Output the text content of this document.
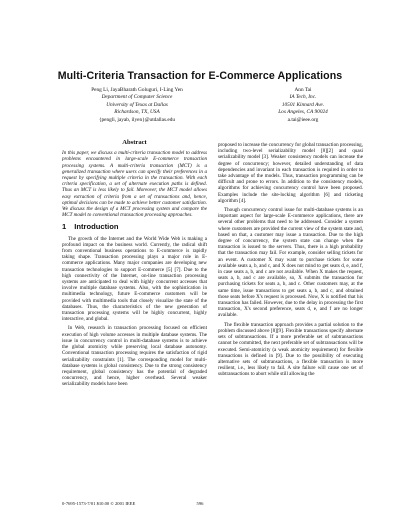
Multi-Criteria Transaction for E-Commerce Applications
Peng Li, JayaBharath Goluguri, I-Ling Yen
Department of Computer Science
University of Texas at Dallas
Richardson, TX, USA
{pengli, jayab, ilyen}@utdallas.edu
Ann Tai
IA Tech, Inc.
10501 Kinnard Ave.
Los Angeles, CA 90024
a.tai@ieee.org
Abstract

In this paper, we discuss a multi-criteria transaction model to address problems encountered in large-scale E-commerce transaction processing systems. A multi-criteria transaction (MCT) is a generalized transaction where users can specify their preferences in a request by specifying multiple criteria in the transaction. With each criteria specification, a set of alternate execution paths is defined. Thus an MCT is less likely to fail. Moreover, the MCT model allows easy extraction of criteria from a set of transactions and, hence, optimal decisions can be made to achieve better customer satisfaction. We discuss the design of a MCT processing system and compare the MCT model to conventional transaction processing approaches.

1 Introduction

The growth of the Internet and the World Wide Web is making a profound impact on the business world. Currently, the radical shift from conventional business operations to E-commerce is rapidly taking shape. Transaction processing plays a major role in E-commerce applications. Many major companies are developing new transaction technologies to support E-commerce [5] [7]. Due to the high connectivity of the Internet, on-line transaction processing systems are anticipated to deal with highly concurrent accesses that involve multiple database systems. Also, with the sophistication in multimedia technology, future E-commerce customers will be provided with multimedia tools that closely visualize the state of the databases. Thus, the characteristics of the new generation of transaction processing systems will be highly concurrent, highly interactive, and global.

In Web, research in transaction processing focused on efficient execution of high volume accesses in multiple database systems. The issue in concurrency control in multi-database systems is to achieve the global atomicity while preserving local database autonomy. Conventional transaction processing requires the satisfaction of rigid serializability constraints [1]. The corresponding model for multi-database systems is global consistency. Due to the strong consistency requirement, global consistency has the potential of degraded concurrency, and hence, higher overhead. Several weaker serializability models have been

proposed to increase the concurrency for global transaction processing, including two-level serializability model [8][2] and quasi serializability model [3]. Weaker consistency models can increase the degree of concurrency; however, detailed understanding of data dependencies and invariant in each transaction is required in order to take advantage of the models. Thus, transaction programming can be difficult and prone to errors. In addition to the consistency models, algorithms for achieving concurrency control have been proposed. Examples include the site-locking algorithm [6] and ticketing algorithm [4].

Though concurrency control issue for multi-database systems is an important aspect for large-scale E-commerce applications, there are several other problems that need to be addressed. Consider a system where customers are provided the current view of the system state and, based on that, a customer may issue a transaction. Due to the high degree of concurrency, the system state can change when the transaction is issued to the servers. Thus, there is a high probability that the transaction may fail. For example, consider selling tickets for an event. A customer X may want to purchase tickets for some available seats a, b, and c, and X does not mind to get seats d, e, and f, in case seats a, b, and c are not available. When X makes the request, seats a, b, and c are available, so, X submits the transaction for purchasing tickets for seats a, b, and c. Other customers may, at the same time, issue transactions to get seats a, b, and c, and obtained those seats before X's request is processed. Now, X is notified that his transaction has failed. However, due to the delay in processing the first transaction, X's second preference, seats d, e, and f are no longer available.

The flexible transaction approach provides a partial solution to the problem discussed above [8][9]. Flexible transactions specify alternate sets of subtransactions. If a more preferable set of subtransactions cannot be committed, the next preferable set of subtransactions will be executed. Semi-atomicity (a weak atomicity requirement) for flexible transactions is defined in [9]. Due to the possibility of executing alternative sets of subtransactions, a flexible transaction is more resilient, i.e., less likely to fail. A site failure will cause one set of subtransactions to abort while still allowing the

0-7695-1573-7/01 $10.00 © 2001 IEEE	596
